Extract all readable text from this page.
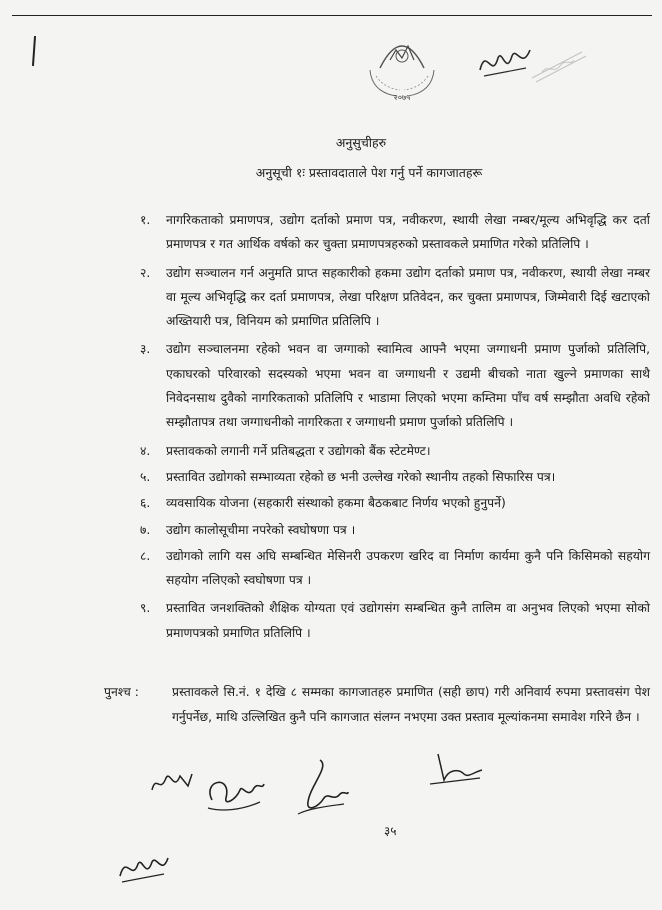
२०७५
अनुसुचीहरु
अनुसूची १ः प्रस्तावदाताले पेश गर्नु पर्ने कागजातहरू
१. नागरिकताको प्रमाणपत्र, उद्योग दर्ताको प्रमाण पत्र, नवीकरण, स्थायी लेखा नम्बर/मूल्य अभिवृद्धि कर दर्ता प्रमाणपत्र र गत आर्थिक वर्षको कर चुक्ता प्रमाणपत्रहरुको प्रस्तावकले प्रमाणित गरेको प्रतिलिपि ।
२. उद्योग सञ्चालन गर्न अनुमति प्राप्त सहकारीको हकमा उद्योग दर्ताको प्रमाण पत्र, नवीकरण, स्थायी लेखा नम्बर वा मूल्य अभिवृद्धि कर दर्ता प्रमाणपत्र, लेखा परिक्षण प्रतिवेदन, कर चुक्ता प्रमाणपत्र, जिम्मेवारी दिई खटाएको अख्तियारी पत्र, विनियम को प्रमाणित प्रतिलिपि ।
३. उद्योग सञ्चालनमा रहेको भवन वा जग्गाको स्वामित्व आफ्नै भएमा जग्गाधनी प्रमाण पुर्जाको प्रतिलिपि, एकाघरको परिवारको सदस्यको भएमा भवन वा जग्गाधनी र उद्यमी बीचको नाता खुल्ने प्रमाणका साथै निवेदनसाथ दुवैको नागरिकताको प्रतिलिपि र भाडामा लिएको भएमा कम्तिमा पाँच वर्ष सम्झौता अवधि रहेको सम्झौतापत्र तथा जग्गाधनीको नागरिकता र जग्गाधनी प्रमाण पुर्जाको प्रतिलिपि ।
४. प्रस्तावकको लगानी गर्ने प्रतिबद्धता र उद्योगको बैंक स्टेटमेण्ट।
५. प्रस्तावित उद्योगको सम्भाव्यता रहेको छ भनी उल्लेख गरेको स्थानीय तहको सिफारिस पत्र।
६. व्यवसायिक योजना (सहकारी संस्थाको हकमा बैठकबाट निर्णय भएको हुनुपर्ने)
७. उद्योग कालोसूचीमा नपरेको स्वघोषणा पत्र ।
८. उद्योगको लागि यस अघि सम्बन्धित मेसिनरी उपकरण खरिद वा निर्माण कार्यमा कुनै पनि किसिमको सहयोग सहयोग नलिएको स्वघोषणा पत्र ।
९. प्रस्तावित जनशक्तिको शैक्षिक योग्यता एवं उद्योगसंग सम्बन्धित कुनै तालिम वा अनुभव लिएको भएमा सोको प्रमाणपत्रको प्रमाणित प्रतिलिपि ।
पुनश्च :	प्रस्तावकले सि.नं. १ देखि ८ सम्मका कागजातहरु प्रमाणित (सही छाप) गरी अनिवार्य रुपमा प्रस्तावसंग पेश गर्नुपर्नेछ, माथि उल्लिखित कुनै पनि कागजात संलग्न नभएमा उक्त प्रस्ताव मूल्यांकनमा समावेश गरिने छैन ।
३५
